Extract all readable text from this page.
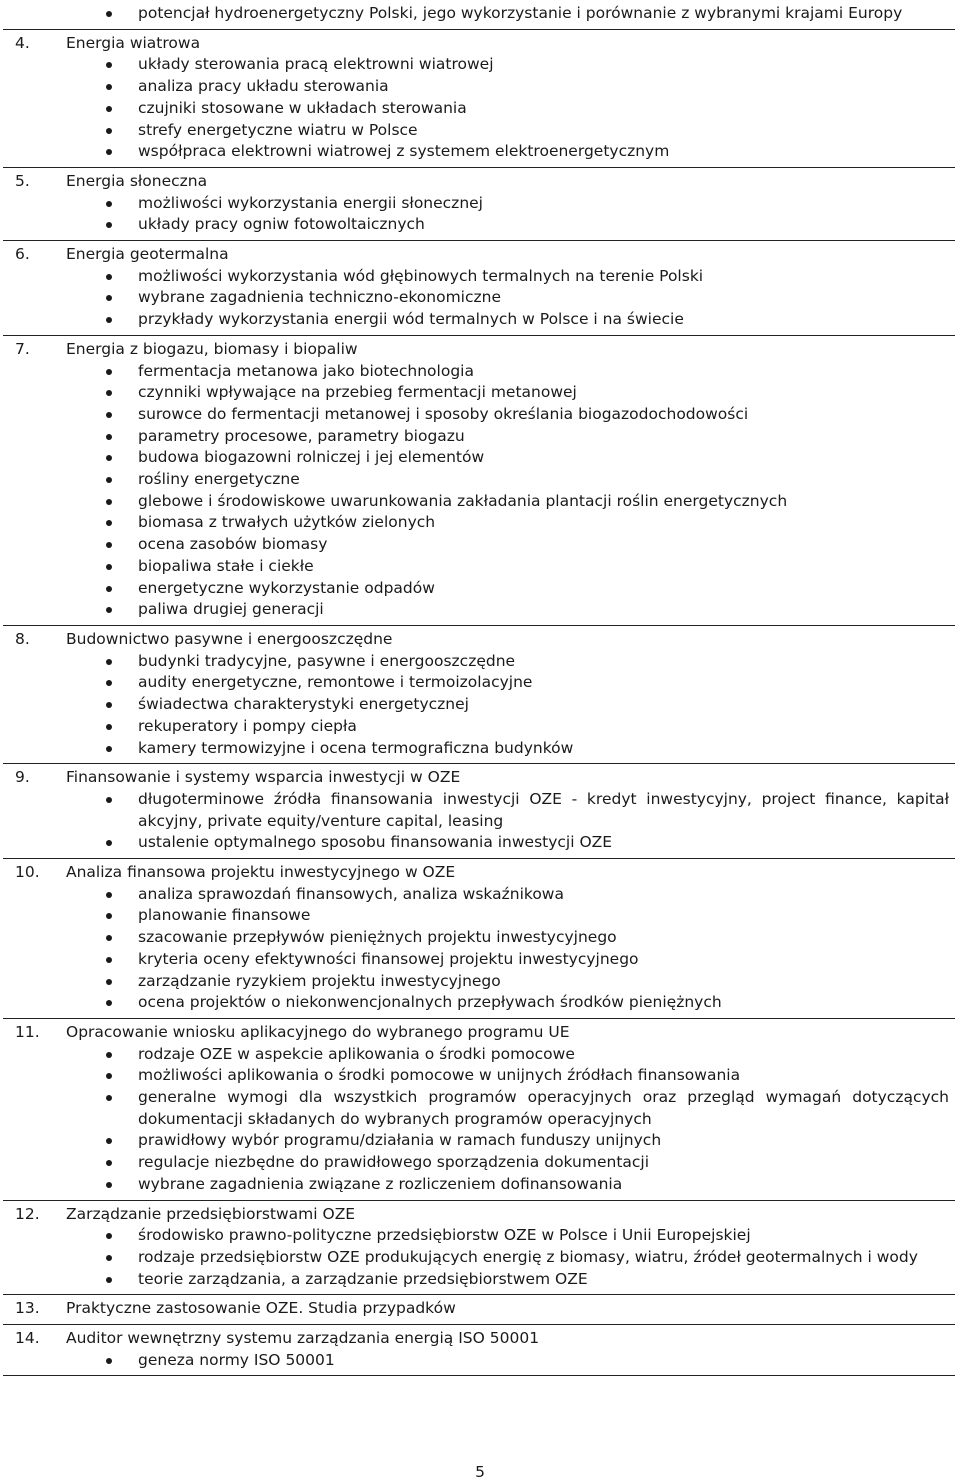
potencjał hydroenergetyczny Polski, jego wykorzystanie i porównanie z wybranymi krajami Europy
4.	Energia wiatrowa
układy sterowania pracą elektrowni wiatrowej
analiza pracy układu sterowania
czujniki stosowane w układach sterowania
strefy energetyczne wiatru w Polsce
współpraca elektrowni wiatrowej z systemem elektroenergetycznym
5.	Energia słoneczna
możliwości wykorzystania energii słonecznej
układy pracy ogniw fotowoltaicznych
6.	Energia geotermalna
możliwości wykorzystania wód głębinowych termalnych na terenie Polski
wybrane zagadnienia techniczno-ekonomiczne
przykłady wykorzystania energii wód termalnych w Polsce i na świecie
7.	Energia z biogazu, biomasy i biopaliw
fermentacja metanowa jako biotechnologia
czynniki wpływające na przebieg fermentacji metanowej
surowce do fermentacji metanowej i sposoby określania biogazodochodowości
parametry procesowe, parametry biogazu
budowa biogazowni rolniczej i jej elementów
rośliny energetyczne
glebowe i środowiskowe uwarunkowania zakładania plantacji roślin energetycznych
biomasa z trwałych użytków zielonych
ocena zasobów biomasy
biopaliwa stałe i ciekłe
energetyczne wykorzystanie odpadów
paliwa drugiej generacji
8.	Budownictwo pasywne i energooszczędne
budynki tradycyjne, pasywne i energooszczędne
audity energetyczne, remontowe i termoizolacyjne
świadectwa charakterystyki energetycznej
rekuperatory i pompy ciepła
kamery termowizyjne i ocena termograficzna budynków
9.	Finansowanie i systemy wsparcia inwestycji w OZE
długoterminowe źródła finansowania inwestycji OZE - kredyt inwestycyjny, project finance, kapitał akcyjny, private equity/venture capital, leasing
ustalenie optymalnego sposobu finansowania inwestycji OZE
10.	Analiza finansowa projektu inwestycyjnego w OZE
analiza sprawozdań finansowych, analiza wskaźnikowa
planowanie finansowe
szacowanie przepływów pieniężnych projektu inwestycyjnego
kryteria oceny efektywności finansowej projektu inwestycyjnego
zarządzanie ryzykiem projektu inwestycyjnego
ocena projektów o niekonwencjonalnych przepływach środków pieniężnych
11.	Opracowanie wniosku aplikacyjnego do wybranego programu UE
rodzaje OZE w aspekcie aplikowania o środki pomocowe
możliwości aplikowania o środki pomocowe w unijnych źródłach finansowania
generalne wymogi dla wszystkich programów operacyjnych oraz przegląd wymagań dotyczących dokumentacji składanych do wybranych programów operacyjnych
prawidłowy wybór programu/działania w ramach funduszy unijnych
regulacje niezbędne do prawidłowego sporządzenia dokumentacji
wybrane zagadnienia związane z rozliczeniem dofinansowania
12.	Zarządzanie przedsiębiorstwami OZE
środowisko prawno-polityczne przedsiębiorstw OZE w Polsce i Unii Europejskiej
rodzaje przedsiębiorstw OZE produkujących energię z biomasy, wiatru, źródeł geotermalnych i wody
teorie zarządzania, a zarządzanie przedsiębiorstwem OZE
13.	Praktyczne zastosowanie OZE. Studia przypadków
14.	Auditor wewnętrzny systemu zarządzania energią ISO 50001
geneza normy ISO 50001
5
